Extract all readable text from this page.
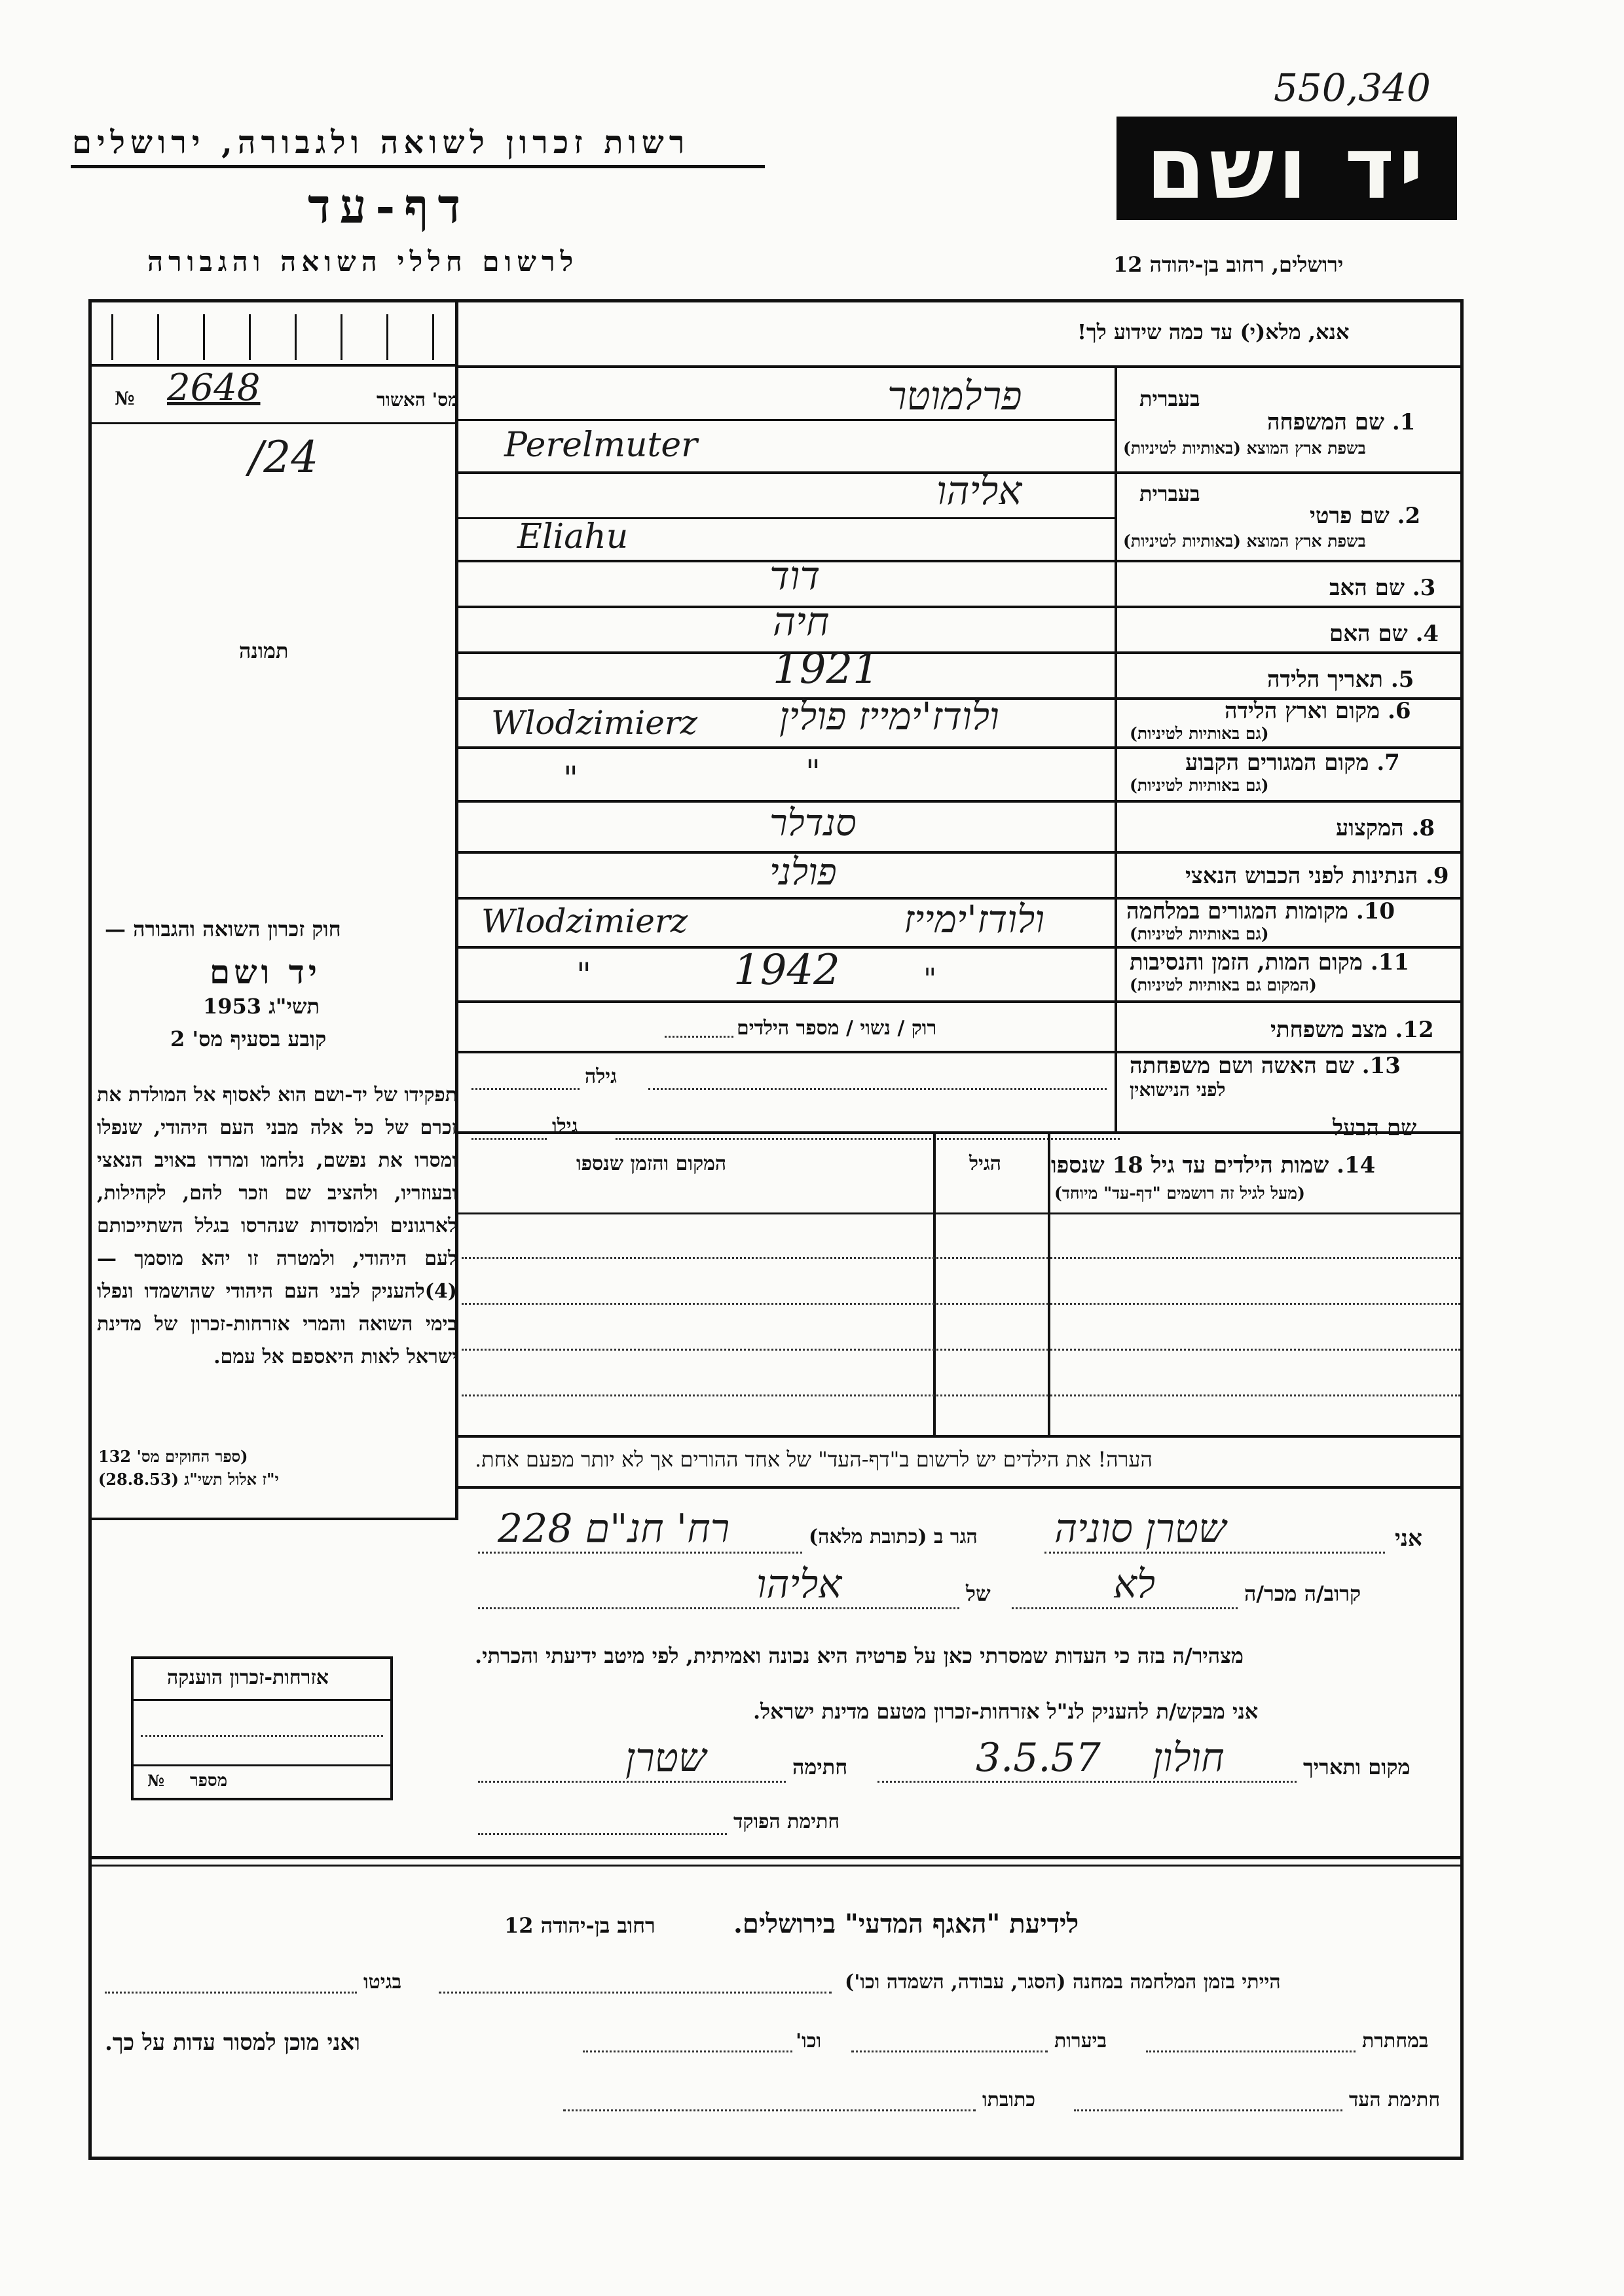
550,340
רשות זכרון לשואה ולגבורה, ירושלים
דף-עד
לרשום חללי השואה והגבורה
יד ושם
ירושלים, רחוב בן-יהודה 12
אנא, מלא(י) עד כמה שידוע לך!
№	מס' האשור
2648
/24
תמונה
בעברית
1. שם המשפחה
בשפת ארץ המוצא (באותיות לטיניות)
פרלמוטר
Perelmuter
בעברית
2. שם פרטי
בשפת ארץ המוצא (באותיות לטיניות)
אליהו
Eliahu
3. שם האב
דוד
4. שם האם
חיה
5. תאריך הלידה
1921
6. מקום וארץ הלידה
(גם באותיות לטיניות)
ולודז'ימייז פולין
Wlodzimierz
7. מקום המגורים הקבוע
(גם באותיות לטיניות)
"	"
8. המקצוע
סנדלר
9. הנתינות לפני הכבוש הנאצי
פולני
10. מקומות המגורים במלחמה
(גם באותיות לטיניות)
ולודז'ימייז
Wlodzimierz
11. מקום המות, הזמן והנסיבות
(המקום גם באותיות לטיניות)
1942
"	"
12. מצב משפחתי
רוק / נשוי / מספר הילדים
13. שם האשה ושם משפחתה
לפני הנישואין
גילה
שם הבעל
גילו
14. שמות הילדים עד גיל 18 שנספו
(מעל לגיל זה רושמים "דף-עד" מיוחד)
הגיל
המקום והזמן שנספו
הערה! את הילדים יש לרשום ב"דף-העד" של אחד ההורים אך לא יותר מפעם אחת.
חוק זכרון השואה והגבורה —
יד ושם
תשי"ג 1953
קובע בסעיף מס' 2
תפקידו של יד-ושם הוא לאסוף אל המולדת את זכרם של כל אלה מבני העם היהודי, שנפלו ומסרו את נפשם, נלחמו ומרדו באויב הנאצי ובעוזריו, ולהציב שם וזכר להם, לקהילות, לארגונים ולמוסדות שנהרסו בגלל השתייכותם לעם היהודי, ולמטרה זו יהא מוסמך — (4)להעניק לבני העם היהודי שהושמדו ונפלו בימי השואה והמרי אזרחות-זכרון של מדינת ישראל לאות היאספם אל עמם.
(ספר החוקים מס' 132
י"ז אלול תשי"ג (28.8.53)
אני
שטרן סוניה
הגר ב (כתובת מלאה)
רח' חנ"ם 228
קרוב/ה מכר/ה
לא
של
אליהו
מצהיר/ה בזה כי העדות שמסרתי כאן על פרטיה היא נכונה ואמיתית, לפי מיטב ידיעתי והכרתי.
אני מבקש/ת להעניק לנ"ל אזרחות-זכרון מטעם מדינת ישראל.
מקום ותאריך
חולון
3.5.57
חתימה
שטרן
חתימת הפוקד
אזרחות-זכרון הוענקה
מספר
№
לידיעת "האגף המדעי" בירושלים.
רחוב בן-יהודה 12
הייתי בזמן המלחמה במחנה (הסגר, עבודה, השמדה וכו')
בגיטו
במחתרת
ביערות
וכו'
ואני מוכן למסור עדות על כך.
חתימת העד
כתובתו
